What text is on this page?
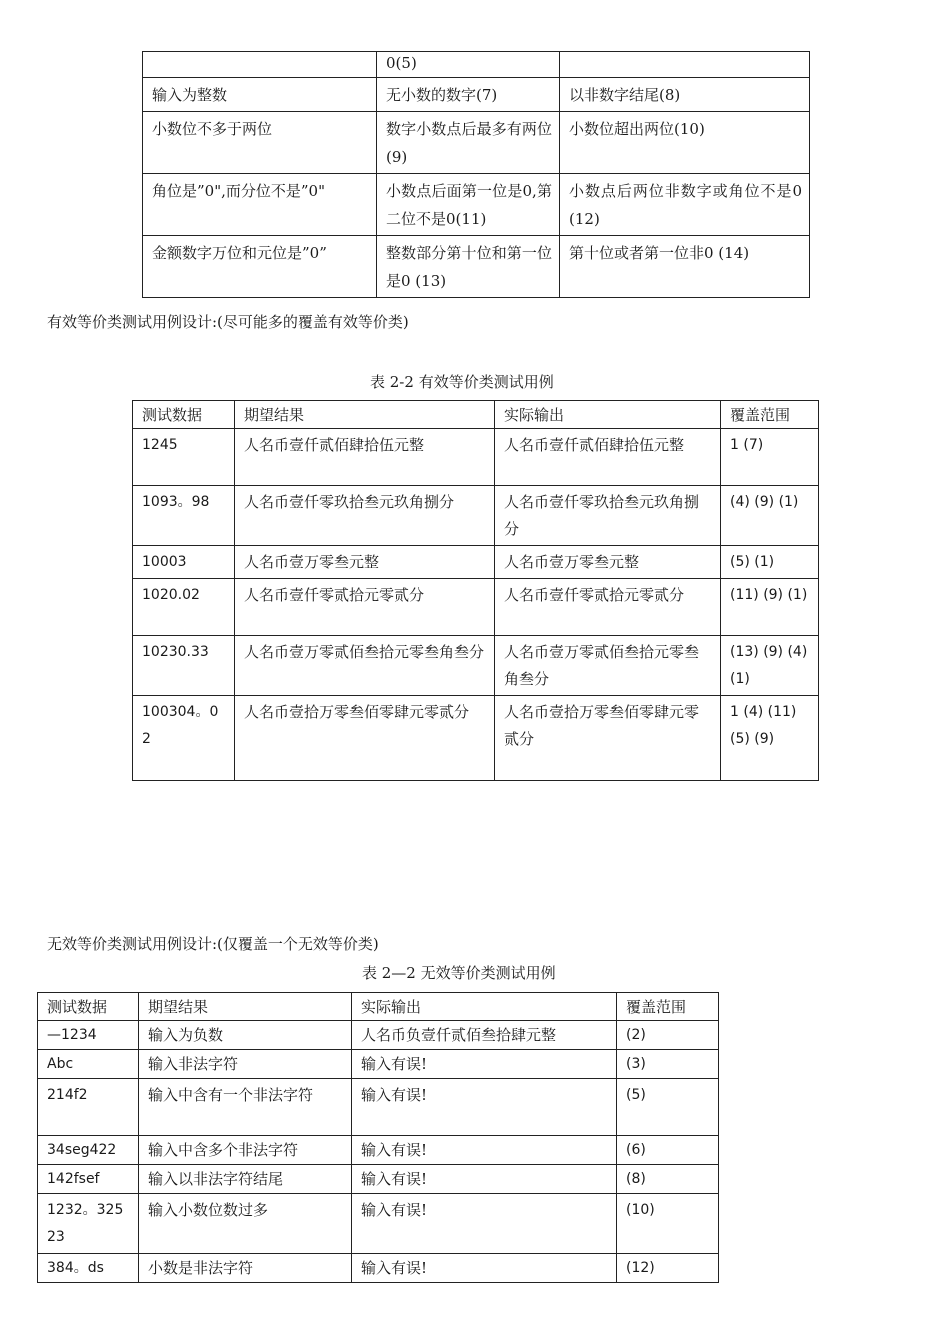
	0(5)	
输入为整数	无小数的数字(7)	以非数字结尾(8)
小数位不多于两位	数字小数点后最多有两位(9)	小数位超出两位(10)
角位是”0",而分位不是”0"	小数点后面第一位是0,第二位不是0(11)	小数点后两位非数字或角位不是0(12)
金额数字万位和元位是”0”	整数部分第十位和第一位是0 (13)	第十位或者第一位非0 (14)
有效等价类测试用例设计:(尽可能多的覆盖有效等价类)
表 2-2 有效等价类测试用例
测试数据	期望结果	实际输出	覆盖范围
1245	人名币壹仟贰佰肆拾伍元整	人名币壹仟贰佰肆拾伍元整	1 (7)
1093。98	人名币壹仟零玖拾叁元玖角捌分	人名币壹仟零玖拾叁元玖角捌分	(4) (9) (1)
10003	人名币壹万零叁元整	人名币壹万零叁元整	(5) (1)
1020.02	人名币壹仟零贰拾元零贰分	人名币壹仟零贰拾元零贰分	(11) (9) (1)
10230.33	人名币壹万零贰佰叁拾元零叁角叁分	人名币壹万零贰佰叁拾元零叁角叁分	(13) (9) (4) (1)
100304。02	人名币壹拾万零叁佰零肆元零贰分	人名币壹拾万零叁佰零肆元零贰分	1 (4) (11)(5) (9)
无效等价类测试用例设计:(仅覆盖一个无效等价类)
表 2—2 无效等价类测试用例
测试数据	期望结果	实际输出	覆盖范围
—1234	输入为负数	人名币负壹仟贰佰叁拾肆元整	(2)
Abc	输入非法字符	输入有误!	(3)
214f2	输入中含有一个非法字符	输入有误!	(5)
34seg422	输入中含多个非法字符	输入有误!	(6)
142fsef	输入以非法字符结尾	输入有误!	(8)
1232。32523	输入小数位数过多	输入有误!	(10)
384。ds	小数是非法字符	输入有误!	(12)
